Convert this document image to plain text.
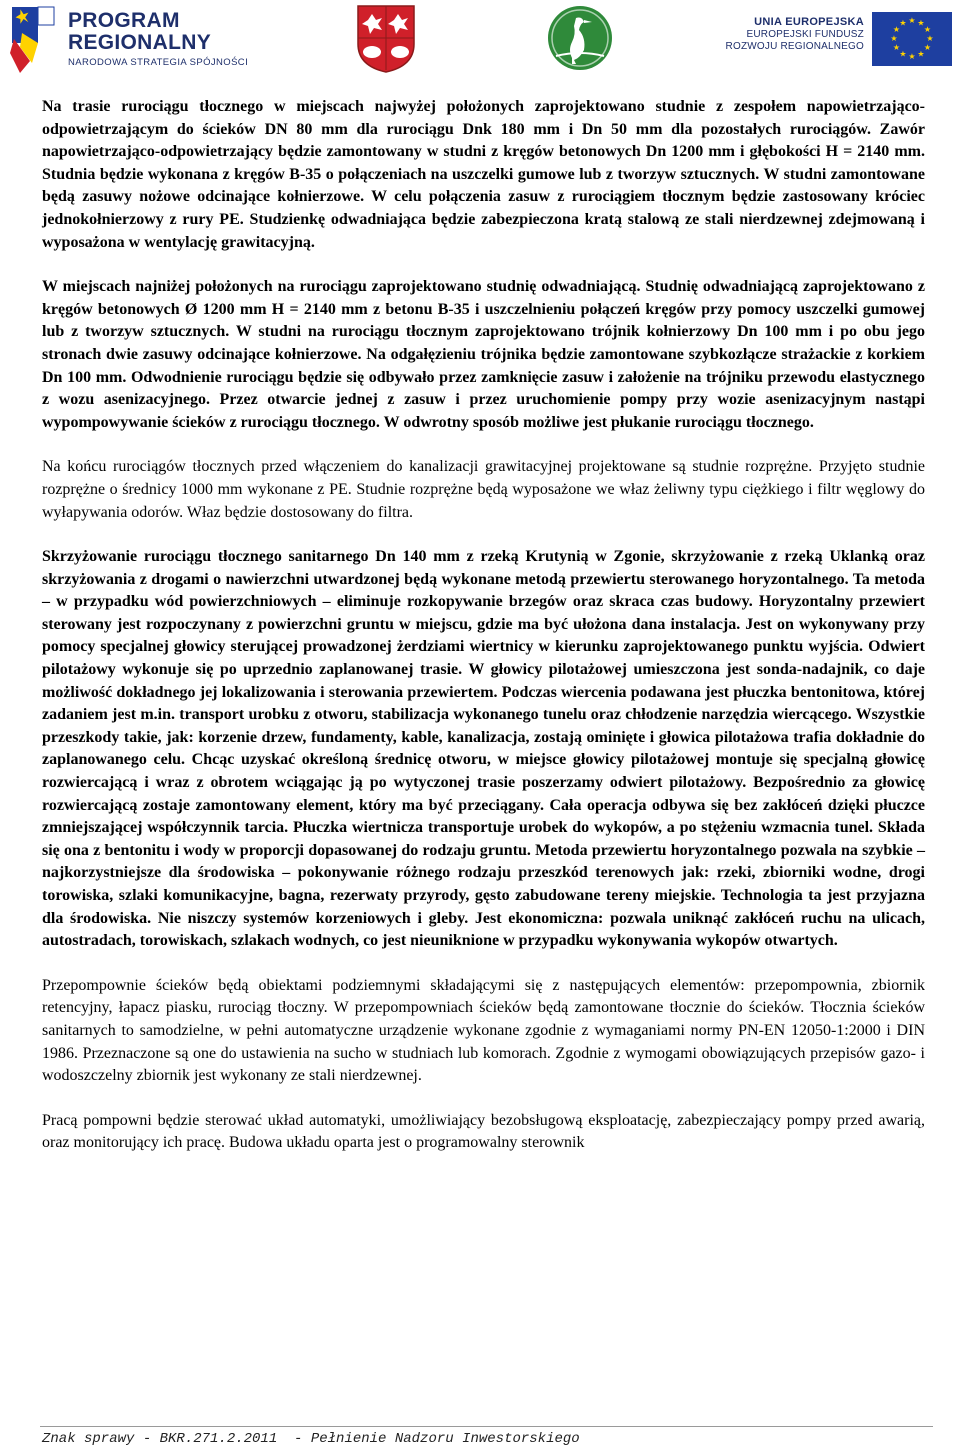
PROGRAM REGIONALNY
NARODOWA STRATEGIA SPÓJNOŚCI
UNIA EUROPEJSKA
EUROPEJSKI FUNDUSZ
ROZWOJU REGIONALNEGO
★ ★
★
★
★
★
★
★
★
★
★
★

Na trasie rurociągu tłocznego w miejscach najwyżej położonych zaprojektowano studnie z zespołem napowietrzająco-odpowietrzającym do ścieków DN 80 mm dla rurociągu Dnk 180 mm i Dn 50 mm dla pozostałych rurociągów. Zawór napowietrzająco-odpowietrzający będzie zamontowany w studni z kręgów betonowych Dn 1200 mm i głębokości H = 2140 mm. Studnia będzie wykonana z kręgów B-35 o połączeniach na uszczelki gumowe lub z tworzyw sztucznych. W studni zamontowane będą zasuwy nożowe odcinające kołnierzowe. W celu połączenia zasuw z rurociągiem tłocznym będzie zastosowany króciec jednokołnierzowy z rury PE. Studzienkę odwadniająca będzie zabezpieczona kratą stalową ze stali nierdzewnej zdejmowaną i wyposażona w wentylację grawitacyjną.

W miejscach najniżej położonych na rurociągu zaprojektowano studnię odwadniającą. Studnię odwadniającą zaprojektowano z kręgów betonowych Ø 1200 mm H = 2140 mm z betonu B-35 i uszczelnieniu połączeń kręgów przy pomocy uszczelki gumowej lub z tworzyw sztucznych. W studni na rurociągu tłocznym zaprojektowano trójnik kołnierzowy Dn 100 mm i po obu jego stronach dwie zasuwy odcinające kołnierzowe. Na odgałęzieniu trójnika będzie zamontowane szybkozłącze strażackie z korkiem Dn 100 mm. Odwodnienie rurociągu będzie się odbywało przez zamknięcie zasuw i założenie na trójniku przewodu elastycznego z wozu asenizacyjnego. Przez otwarcie jednej z zasuw i przez uruchomienie pompy przy wozie asenizacyjnym nastąpi wypompowywanie ścieków z rurociągu tłocznego. W odwrotny sposób możliwe jest płukanie rurociągu tłocznego.

Na końcu rurociągów tłocznych przed włączeniem do kanalizacji grawitacyjnej projektowane są studnie rozprężne. Przyjęto studnie rozprężne o średnicy 1000 mm wykonane z PE. Studnie rozprężne będą wyposażone we właz żeliwny typu ciężkiego i filtr węglowy do wyłapywania odorów. Właz będzie dostosowany do filtra.

Skrzyżowanie rurociągu tłocznego sanitarnego Dn 140 mm z rzeką Krutynią w Zgonie, skrzyżowanie z rzeką Uklanką oraz skrzyżowania z drogami o nawierzchni utwardzonej będą wykonane metodą przewiertu sterowanego horyzontalnego. Ta metoda – w przypadku wód powierzchniowych – eliminuje rozkopywanie brzegów oraz skraca czas budowy. Horyzontalny przewiert sterowany jest rozpoczynany z powierzchni gruntu w miejscu, gdzie ma być ułożona dana instalacja. Jest on wykonywany przy pomocy specjalnej głowicy sterującej prowadzonej żerdziami wiertnicy w kierunku zaprojektowanego punktu wyjścia. Odwiert pilotażowy wykonuje się po uprzednio zaplanowanej trasie. W głowicy pilotażowej umieszczona jest sonda-nadajnik, co daje możliwość dokładnego jej lokalizowania i sterowania przewiertem. Podczas wiercenia podawana jest płuczka bentonitowa, której zadaniem jest m.in. transport urobku z otworu, stabilizacja wykonanego tunelu oraz chłodzenie narzędzia wiercącego. Wszystkie przeszkody takie, jak: korzenie drzew, fundamenty, kable, kanalizacja, zostają ominięte i głowica pilotażowa trafia dokładnie do zaplanowanego celu. Chcąc uzyskać określoną średnicę otworu, w miejsce głowicy pilotażowej montuje się specjalną głowicę rozwiercającą i wraz z obrotem wciągając ją po wytyczonej trasie poszerzamy odwiert pilotażowy. Bezpośrednio za głowicę rozwiercającą zostaje zamontowany element, który ma być przeciągany. Cała operacja odbywa się bez zakłóceń dzięki płuczce zmniejszającej współczynnik tarcia. Płuczka wiertnicza transportuje urobek do wykopów, a po stężeniu wzmacnia tunel. Składa się ona z bentonitu i wody w proporcji dopasowanej do rodzaju gruntu. Metoda przewiertu horyzontalnego pozwala na szybkie – najkorzystniejsze dla środowiska – pokonywanie różnego rodzaju przeszkód terenowych jak: rzeki, zbiorniki wodne, drogi torowiska, szlaki komunikacyjne, bagna, rezerwaty przyrody, gęsto zabudowane tereny miejskie. Technologia ta jest przyjazna dla środowiska. Nie niszczy systemów korzeniowych i gleby. Jest ekonomiczna: pozwala uniknąć zakłóceń ruchu na ulicach, autostradach, torowiskach, szlakach wodnych, co jest nieuniknione w przypadku wykonywania wykopów otwartych.

Przepompownie ścieków będą obiektami podziemnymi składającymi się z następujących elementów: przepompownia, zbiornik retencyjny, łapacz piasku, rurociąg tłoczny. W przepompowniach ścieków będą zamontowane tłocznie do ścieków. Tłocznia ścieków sanitarnych to samodzielne, w pełni automatyczne urządzenie wykonane zgodnie z wymaganiami normy PN-EN 12050-1:2000 i DIN 1986. Przeznaczone są one do ustawienia na sucho w studniach lub komorach. Zgodnie z wymogami obowiązujących przepisów gazo- i wodoszczelny zbiornik jest wykonany ze stali nierdzewnej.

Pracą pompowni będzie sterować układ automatyki, umożliwiający bezobsługową eksploatację, zabezpieczający pompy przed awarią, oraz monitorujący ich pracę. Budowa układu oparta jest o programowalny sterownik

Znak sprawy - BKR.271.2.2011  - Pełnienie Nadzoru Inwestorskiego
